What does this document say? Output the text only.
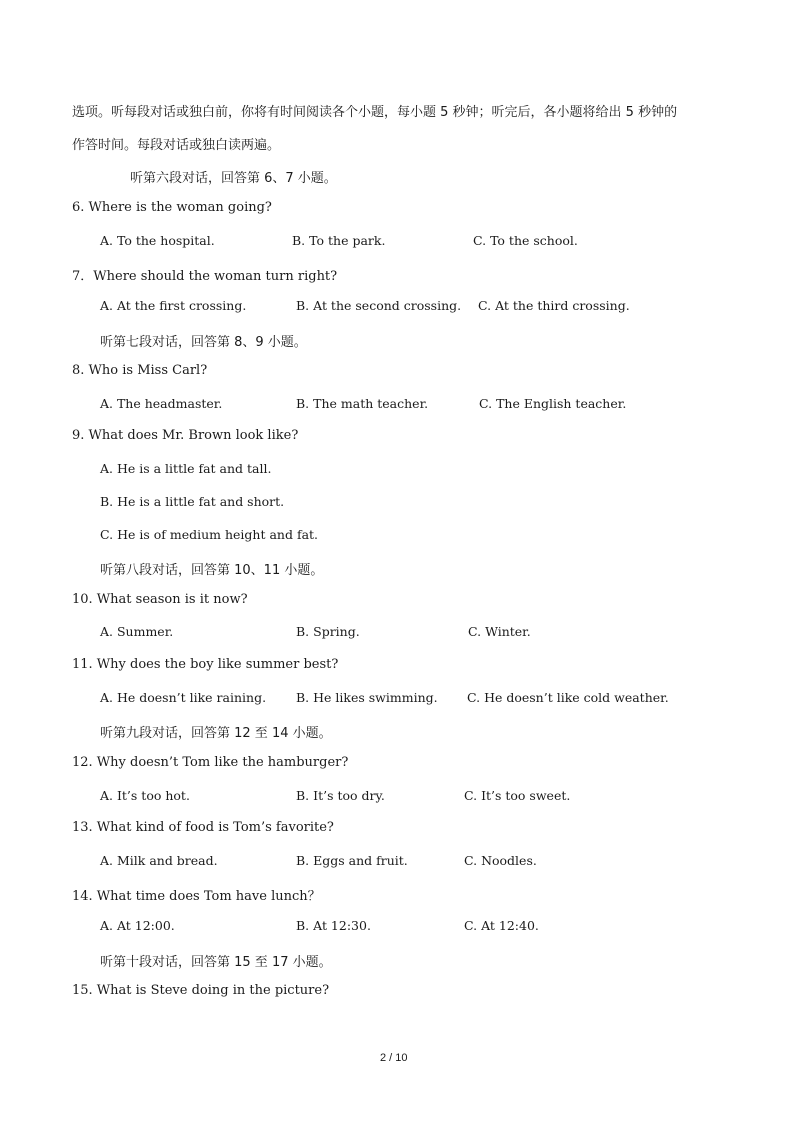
选项。听每段对话或独白前，你将有时间阅读各个小题，每小题 5 秒钟；听完后，各小题将给出 5 秒钟的
作答时间。每段对话或独白读两遍。
听第六段对话，回答第 6、7 小题。
6. Where is the woman going?
A. To the hospital.	B. To the park.	C. To the school.
7．Where should the woman turn right?
A. At the first crossing.	B. At the second crossing. C. At the third crossing.
听第七段对话，回答第 8、9 小题。
8. Who is Miss Carl?
A. The headmaster.	B. The math teacher.	C. The English teacher.
9. What does Mr. Brown look like?
A. He is a little fat and tall.
B. He is a little fat and short.
C. He is of medium height and fat.
听第八段对话，回答第 10、11 小题。
10. What season is it now?
A. Summer.	B. Spring.	C. Winter.
11. Why does the boy like summer best?
A. He doesn’t like raining. B. He likes swimming. C. He doesn’t like cold weather.
听第九段对话，回答第 12 至 14 小题。
12. Why doesn’t Tom like the hamburger?
A. It’s too hot.	B. It’s too dry.	C. It’s too sweet.
13. What kind of food is Tom’s favorite?
A. Milk and bread.	B. Eggs and fruit.	C. Noodles.
14. What time does Tom have lunch？
A. At 12:00.	B. At 12:30.	C. At 12:40.
听第十段对话，回答第 15 至 17 小题。
15. What is Steve doing in the picture?
2 / 10
